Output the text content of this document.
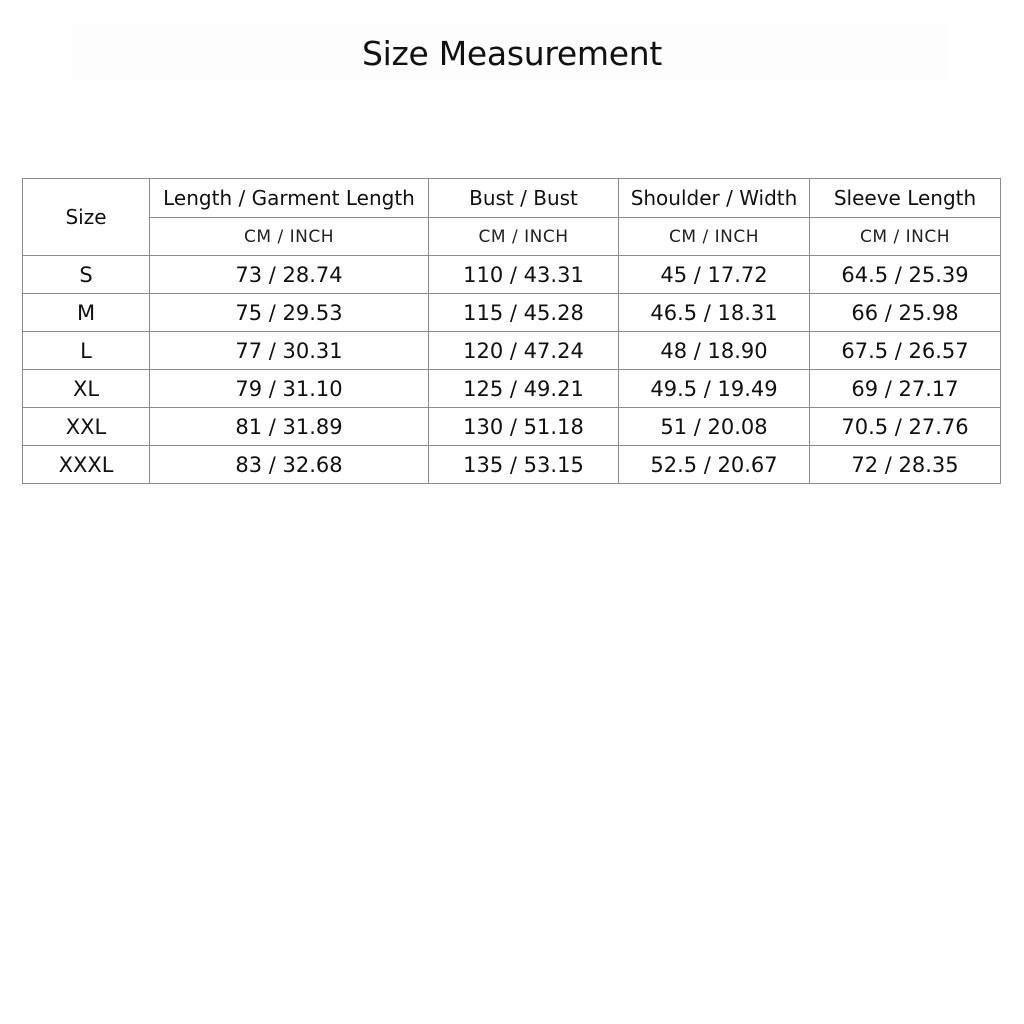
Size Measurement
Size	Length / Garment Length	Bust / Bust	Shoulder / Width	Sleeve Length
	CM / INCH	CM / INCH	CM / INCH	CM / INCH
S	73 / 28.74	110 / 43.31	45 / 17.72	64.5 / 25.39
M	75 / 29.53	115 / 45.28	46.5 / 18.31	66 / 25.98
L	77 / 30.31	120 / 47.24	48 / 18.90	67.5 / 26.57
XL	79 / 31.10	125 / 49.21	49.5 / 19.49	69 / 27.17
XXL	81 / 31.89	130 / 51.18	51 / 20.08	70.5 / 27.76
XXXL	83 / 32.68	135 / 53.15	52.5 / 20.67	72 / 28.35
